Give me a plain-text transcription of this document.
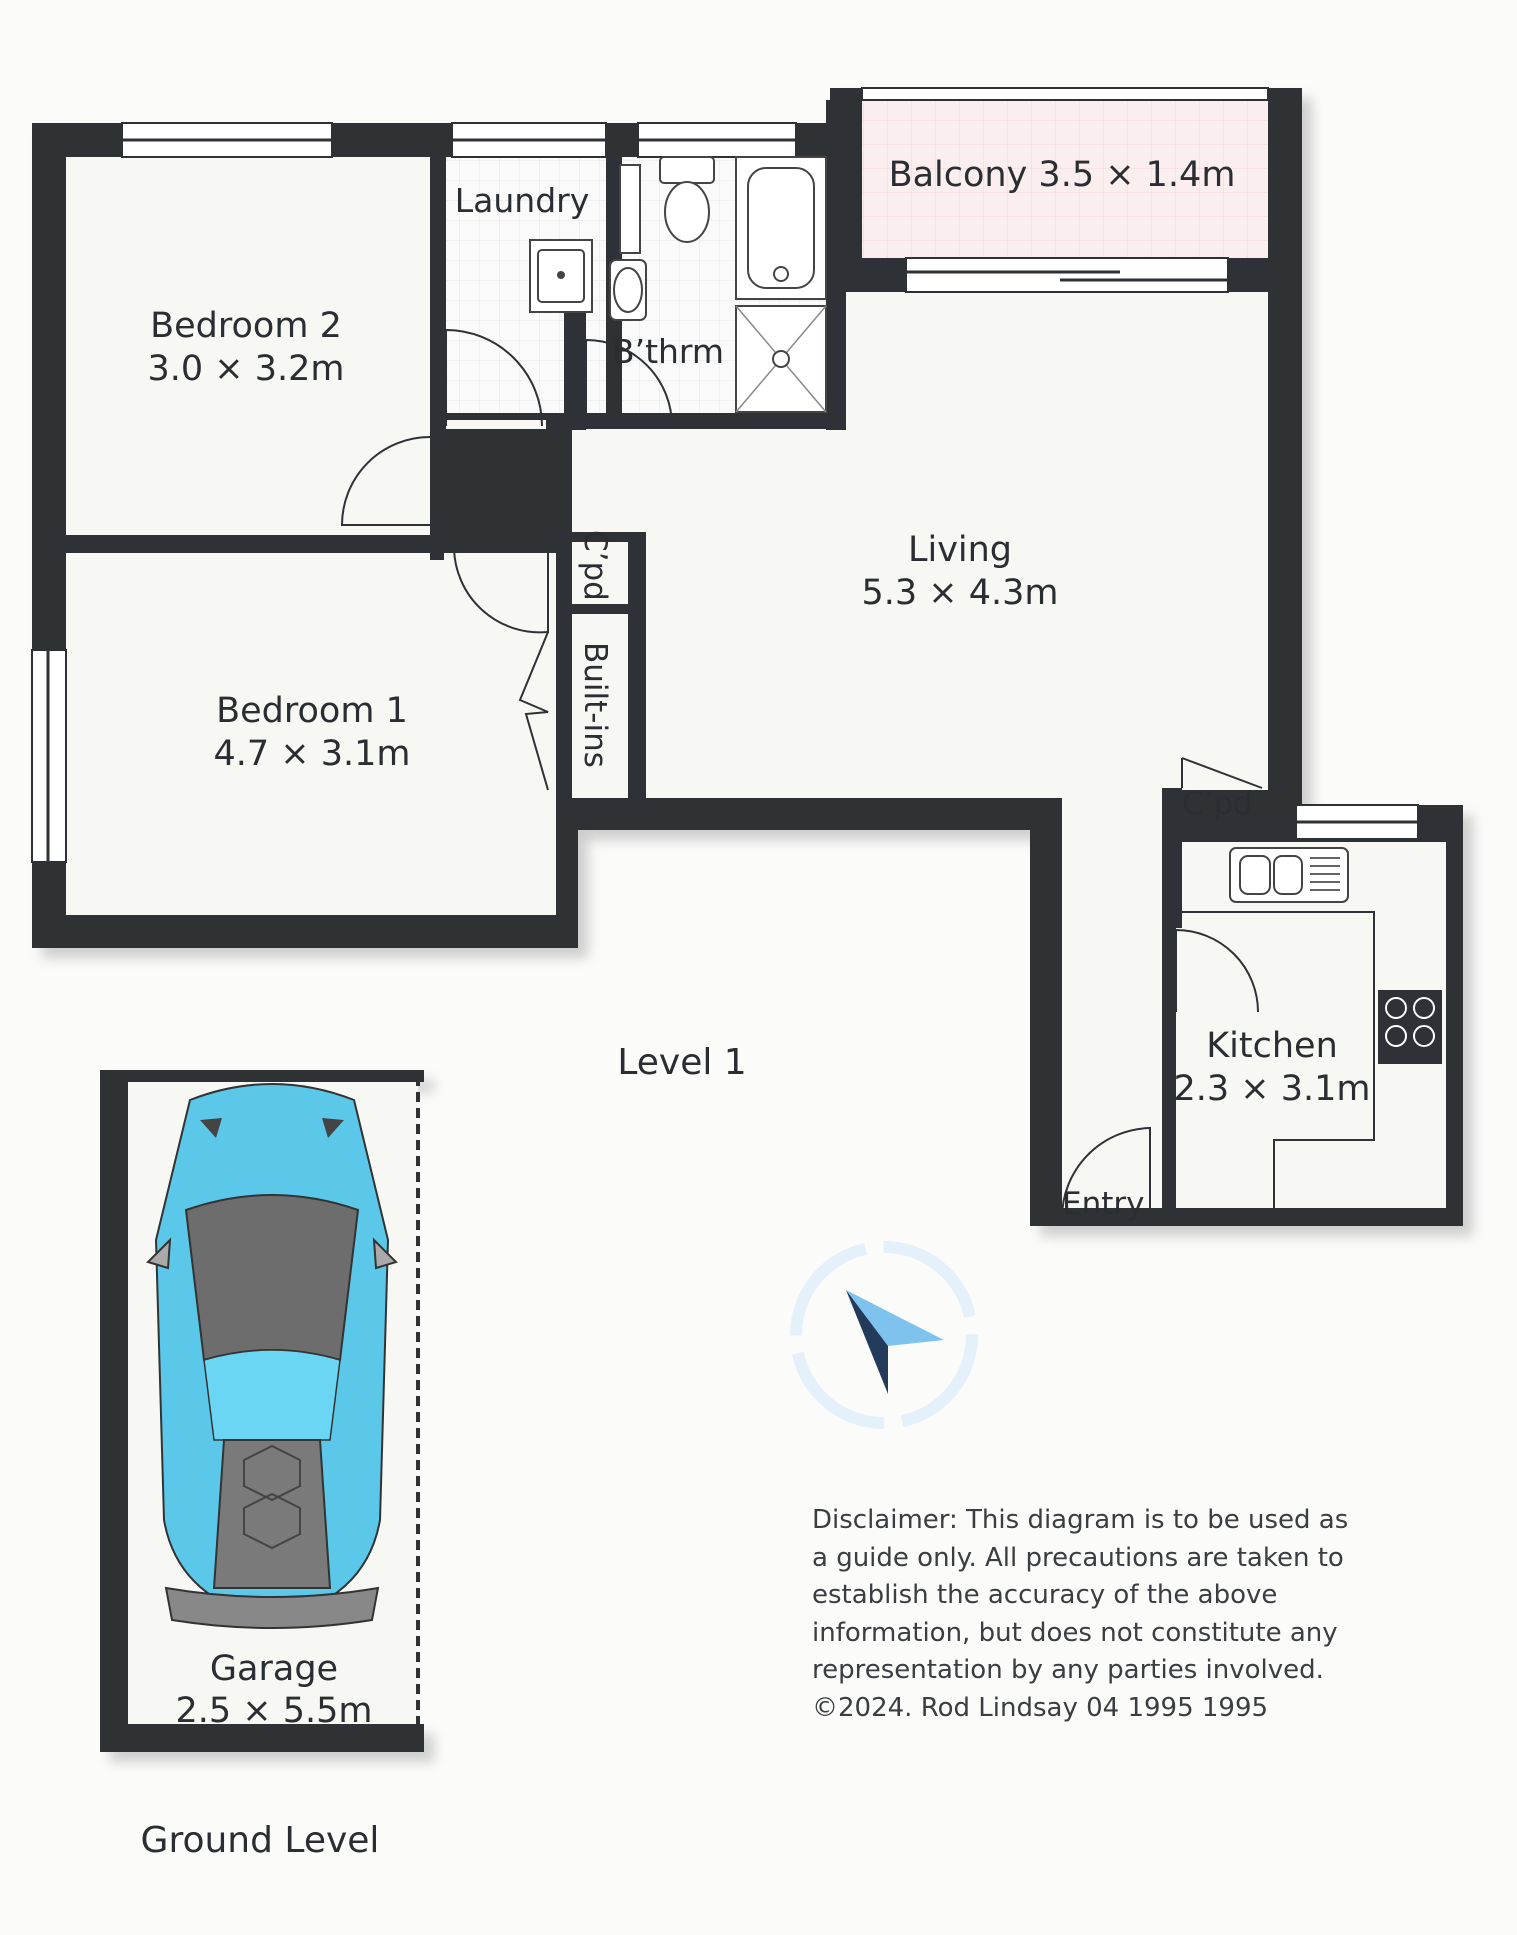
Balcony 3.5 × 1.4m
Laundry
B’thrm
Bedroom 2
3.0 × 3.2m
Bedroom 1
4.7 × 3.1m
Living
5.3 × 4.3m
Kitchen
2.3 × 3.1m
C’pd
C’pd
Built-ins
Entry
Level 1
Garage
2.5 × 5.5m
Ground Level
Disclaimer: This diagram is to be used as
a guide only. All precautions are taken to
establish the accuracy of the above
information, but does not constitute any
representation by any parties involved.
©2024. Rod Lindsay 04 1995 1995
